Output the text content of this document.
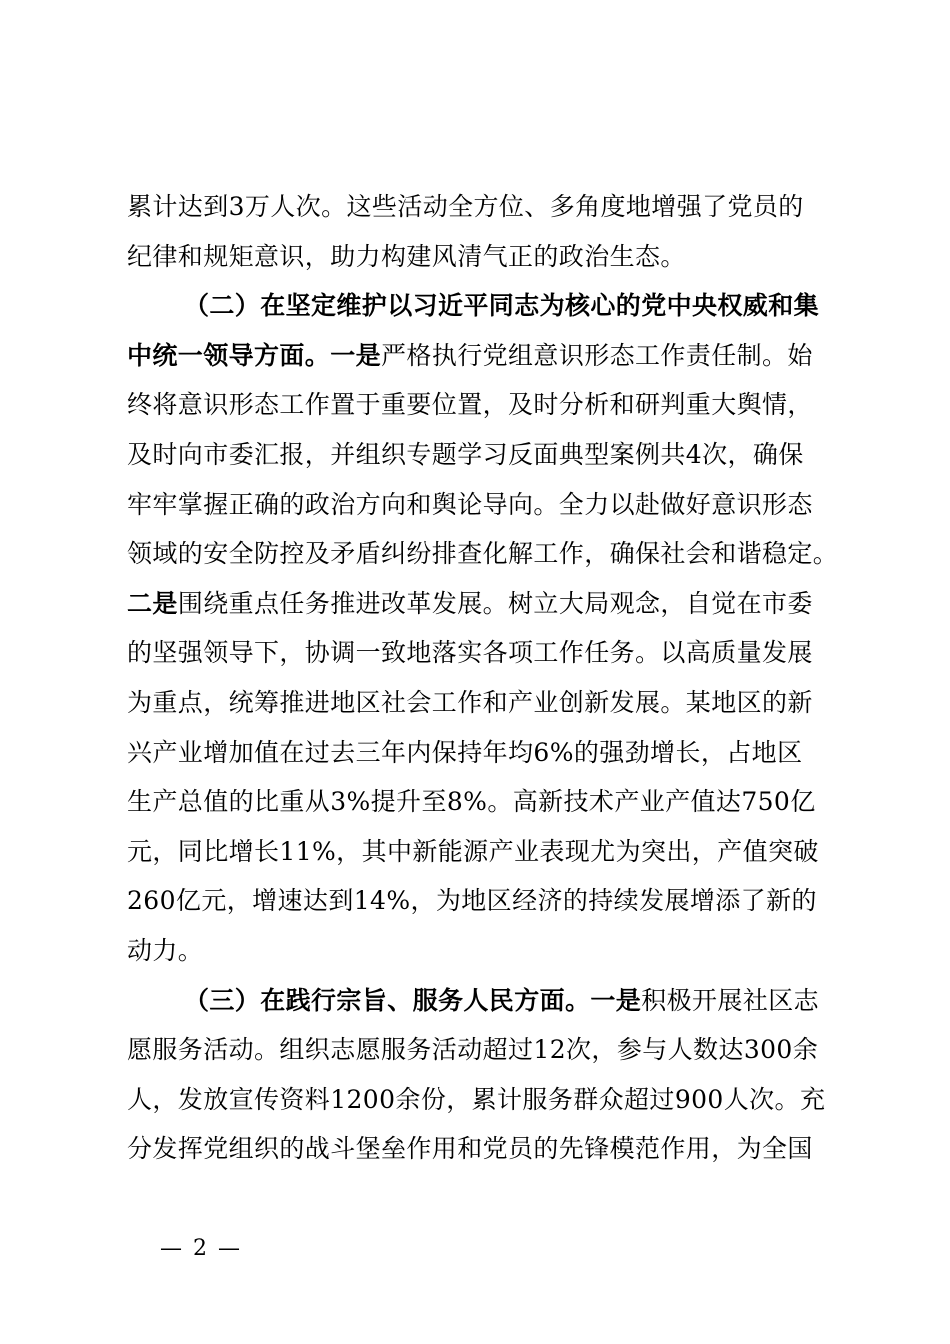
累计达到3万人次。这些活动全方位、多角度地增强了党员的
纪律和规矩意识，助力构建风清气正的政治生态。
（二）在坚定维护以习近平同志为核心的党中央权威和集
中统一领导方面。一是严格执行党组意识形态工作责任制。始
终将意识形态工作置于重要位置，及时分析和研判重大舆情，
及时向市委汇报，并组织专题学习反面典型案例共4次，确保
牢牢掌握正确的政治方向和舆论导向。全力以赴做好意识形态
领域的安全防控及矛盾纠纷排查化解工作，确保社会和谐稳定。
二是围绕重点任务推进改革发展。树立大局观念，自觉在市委
的坚强领导下，协调一致地落实各项工作任务。以高质量发展
为重点，统筹推进地区社会工作和产业创新发展。某地区的新
兴产业增加值在过去三年内保持年均6%的强劲增长，占地区
生产总值的比重从3%提升至8%。高新技术产业产值达750亿
元，同比增长11%，其中新能源产业表现尤为突出，产值突破
260亿元，增速达到14%，为地区经济的持续发展增添了新的
动力。
（三）在践行宗旨、服务人民方面。一是积极开展社区志
愿服务活动。组织志愿服务活动超过12次，参与人数达300余
人，发放宣传资料1200余份，累计服务群众超过900人次。充
分发挥党组织的战斗堡垒作用和党员的先锋模范作用，为全国
— 2 —
